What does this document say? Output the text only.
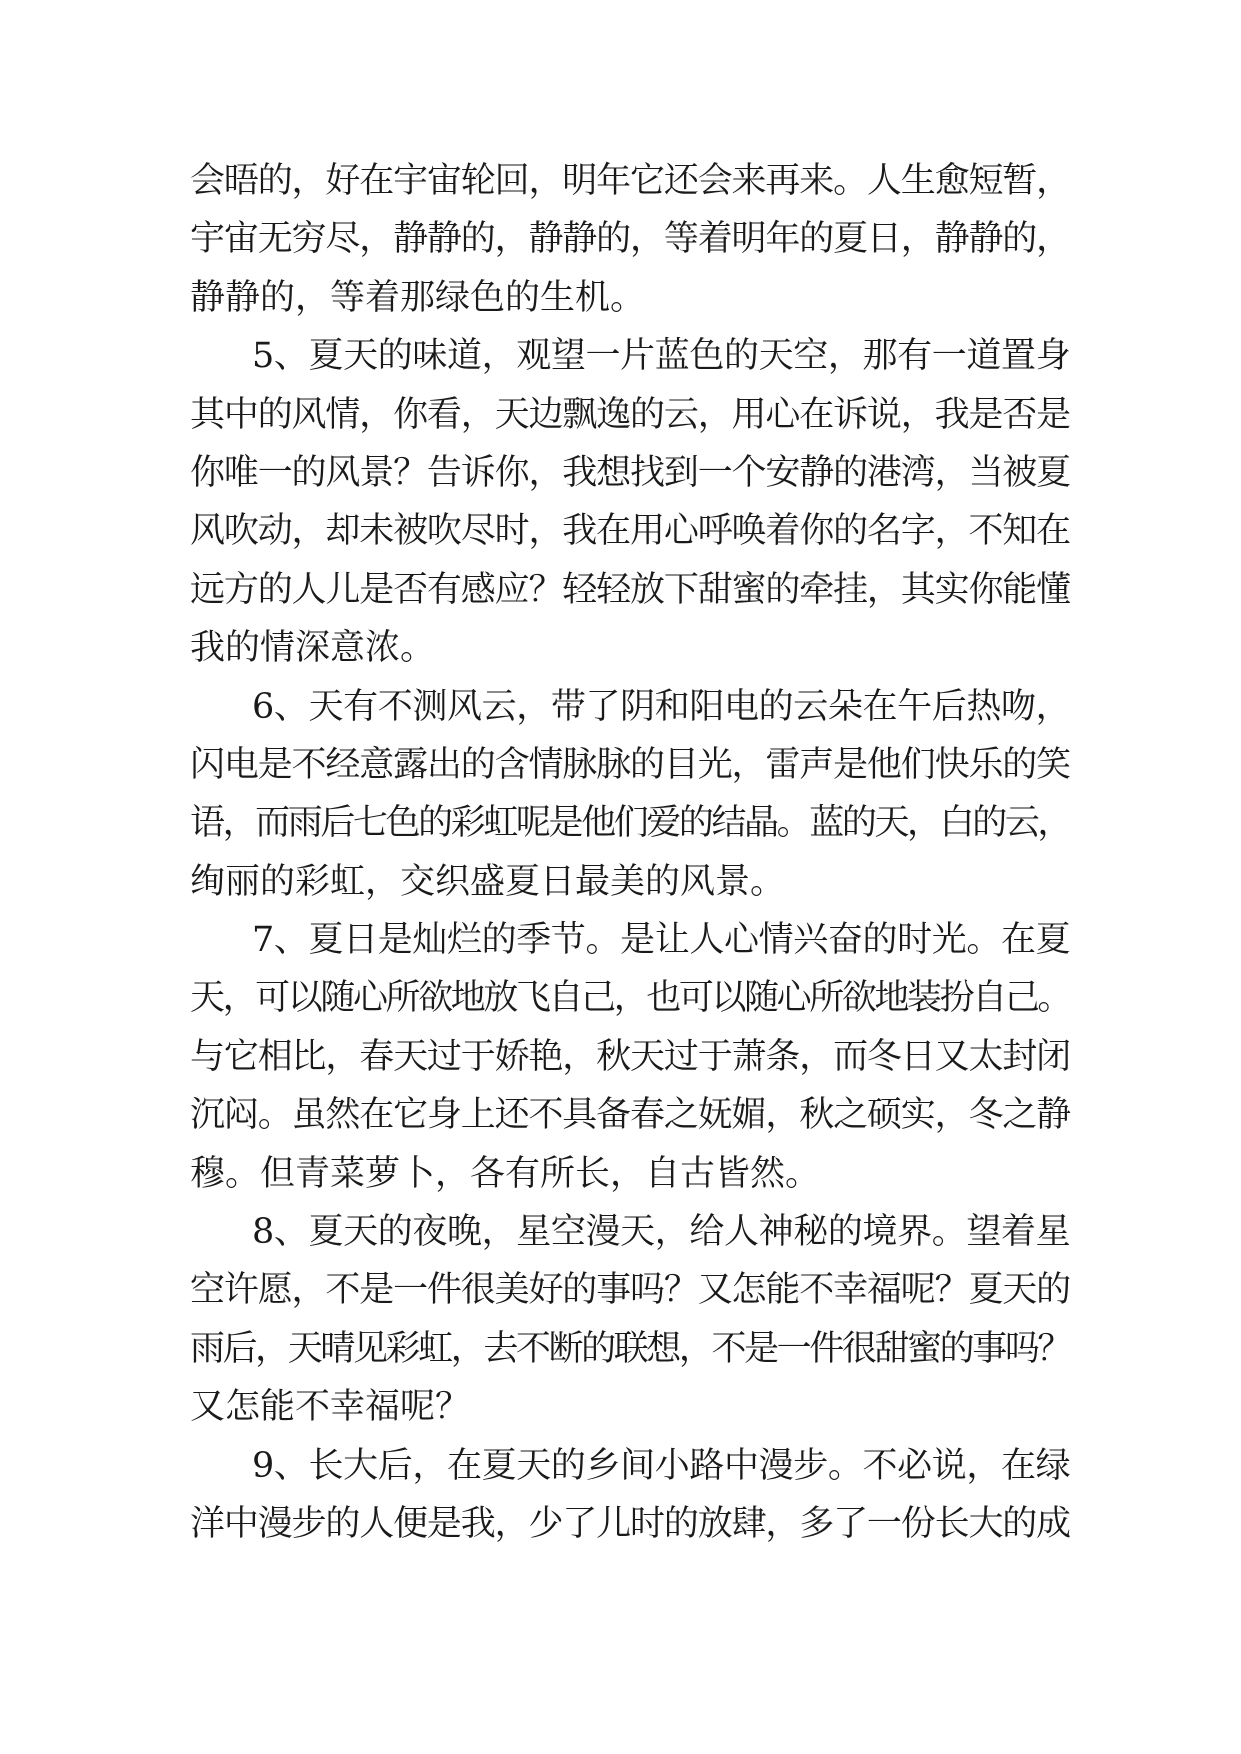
会晤的，好在宇宙轮回，明年它还会来再来。人生愈短暂，
宇宙无穷尽，静静的，静静的，等着明年的夏日，静静的，
静静的，等着那绿色的生机。
5、夏天的味道，观望一片蓝色的天空，那有一道置身
其中的风情，你看，天边飘逸的云，用心在诉说，我是否是
你唯一的风景？告诉你，我想找到一个安静的港湾，当被夏
风吹动，却未被吹尽时，我在用心呼唤着你的名字，不知在
远方的人儿是否有感应？轻轻放下甜蜜的牵挂，其实你能懂
我的情深意浓。
6、天有不测风云，带了阴和阳电的云朵在午后热吻，
闪电是不经意露出的含情脉脉的目光，雷声是他们快乐的笑
语，而雨后七色的彩虹呢是他们爱的结晶。蓝的天，白的云，
绚丽的彩虹，交织盛夏日最美的风景。
7、夏日是灿烂的季节。是让人心情兴奋的时光。在夏
天，可以随心所欲地放飞自己，也可以随心所欲地装扮自己。
与它相比，春天过于娇艳，秋天过于萧条，而冬日又太封闭
沉闷。虽然在它身上还不具备春之妩媚，秋之硕实，冬之静
穆。但青菜萝卜，各有所长，自古皆然。
8、夏天的夜晚，星空漫天，给人神秘的境界。望着星
空许愿，不是一件很美好的事吗？又怎能不幸福呢？夏天的
雨后，天晴见彩虹，去不断的联想，不是一件很甜蜜的事吗？
又怎能不幸福呢？
9、长大后，在夏天的乡间小路中漫步。不必说，在绿
洋中漫步的人便是我，少了儿时的放肆，多了一份长大的成
